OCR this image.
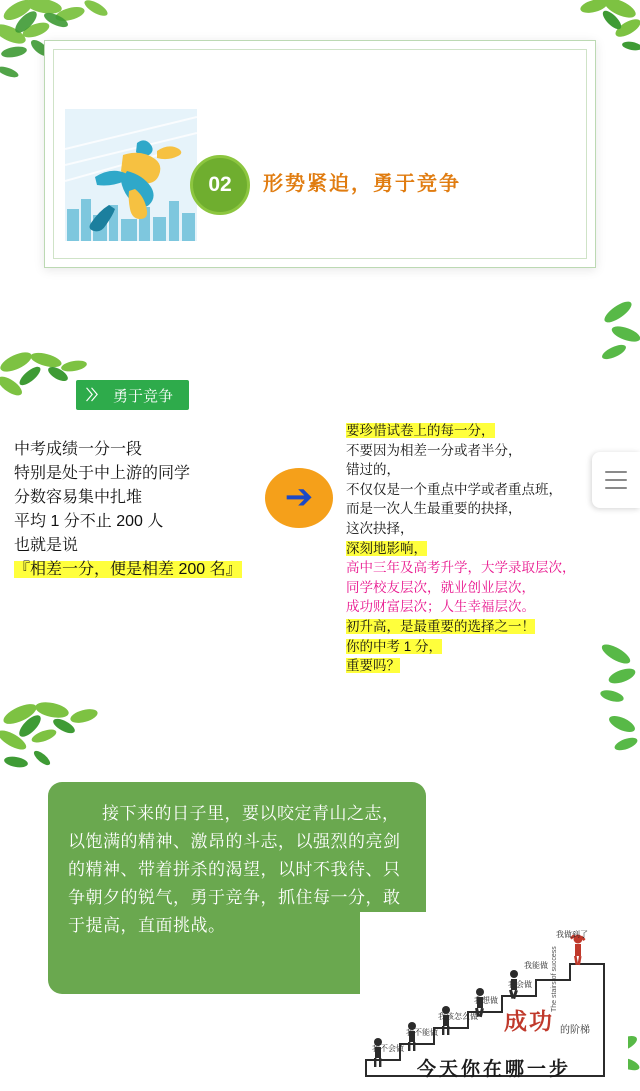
02	形势紧迫，勇于竞争
〉〉 勇于竞争
中考成绩一分一段
特别是处于中上游的同学
分数容易集中扎堆
平均 1 分不止 200 人
也就是说
『相差一分，便是相差 200 名』
➔
要珍惜试卷上的每一分，
不要因为相差一分或者半分，
错过的，
不仅仅是一个重点中学或者重点班，
而是一次人生最重要的抉择，
这次抉择，
深刻地影响，
高中三年及高考升学，大学录取层次，
同学校友层次，就业创业层次，
成功财富层次；人生幸福层次。
初升高，是最重要的选择之一！
你的中考 1 分，
重要吗？

接下来的日子里，要以咬定青山之志，以饱满的精神、激昂的斗志，以强烈的亮剑的精神、带着拼杀的渴望，以时不我待、只争朝夕的锐气，勇于竞争，抓住每一分，敢于提高，直面挑战。

The stairs of success
我不会做
我不能做
我该怎么做
我想做
我会做
我能做
我做到了
成功 的阶梯
今天你在哪一步
